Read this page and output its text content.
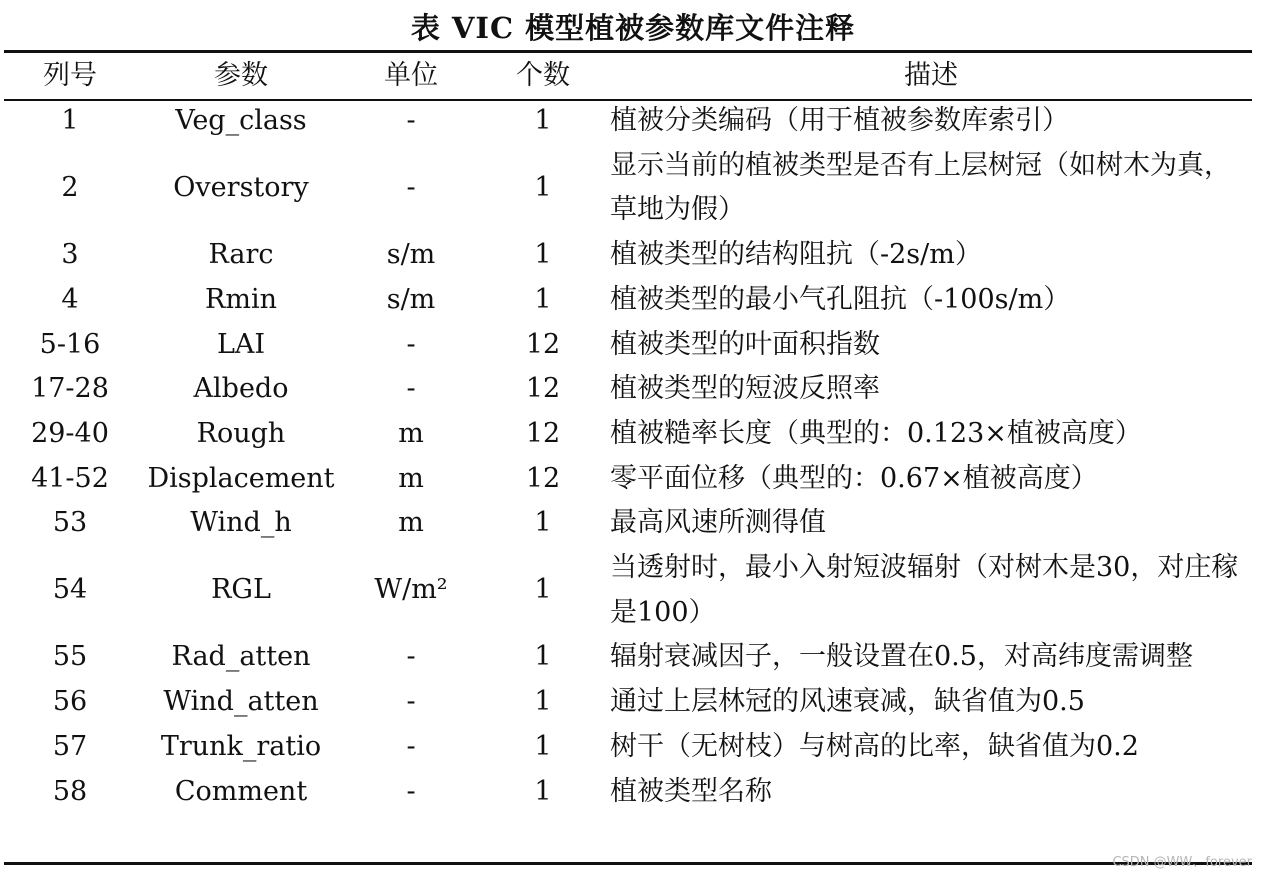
表 VIC 模型植被参数库文件注释
列号	参数	单位	个数	描述
1	Veg_class	-	1	植被分类编码（用于植被参数库索引）
2	Overstory	-	1	显示当前的植被类型是否有上层树冠（如树木为真，草地为假）
3	Rarc	s/m	1	植被类型的结构阻抗（-2s/m）
4	Rmin	s/m	1	植被类型的最小气孔阻抗（-100s/m）
5-16	LAI	-	12	植被类型的叶面积指数
17-28	Albedo	-	12	植被类型的短波反照率
29-40	Rough	m	12	植被糙率长度（典型的：0.123×植被高度）
41-52	Displacement	m	12	零平面位移（典型的：0.67×植被高度）
53	Wind_h	m	1	最高风速所测得值
54	RGL	W/m²	1	当透射时，最小入射短波辐射（对树木是30，对庄稼是100）
55	Rad_atten	-	1	辐射衰减因子，一般设置在0.5，对高纬度需调整
56	Wind_atten	-	1	通过上层林冠的风速衰减，缺省值为0.5
57	Trunk_ratio	-	1	树干（无树枝）与树高的比率，缺省值为0.2
58	Comment	-	1	植被类型名称
CSDN @WW、forever
